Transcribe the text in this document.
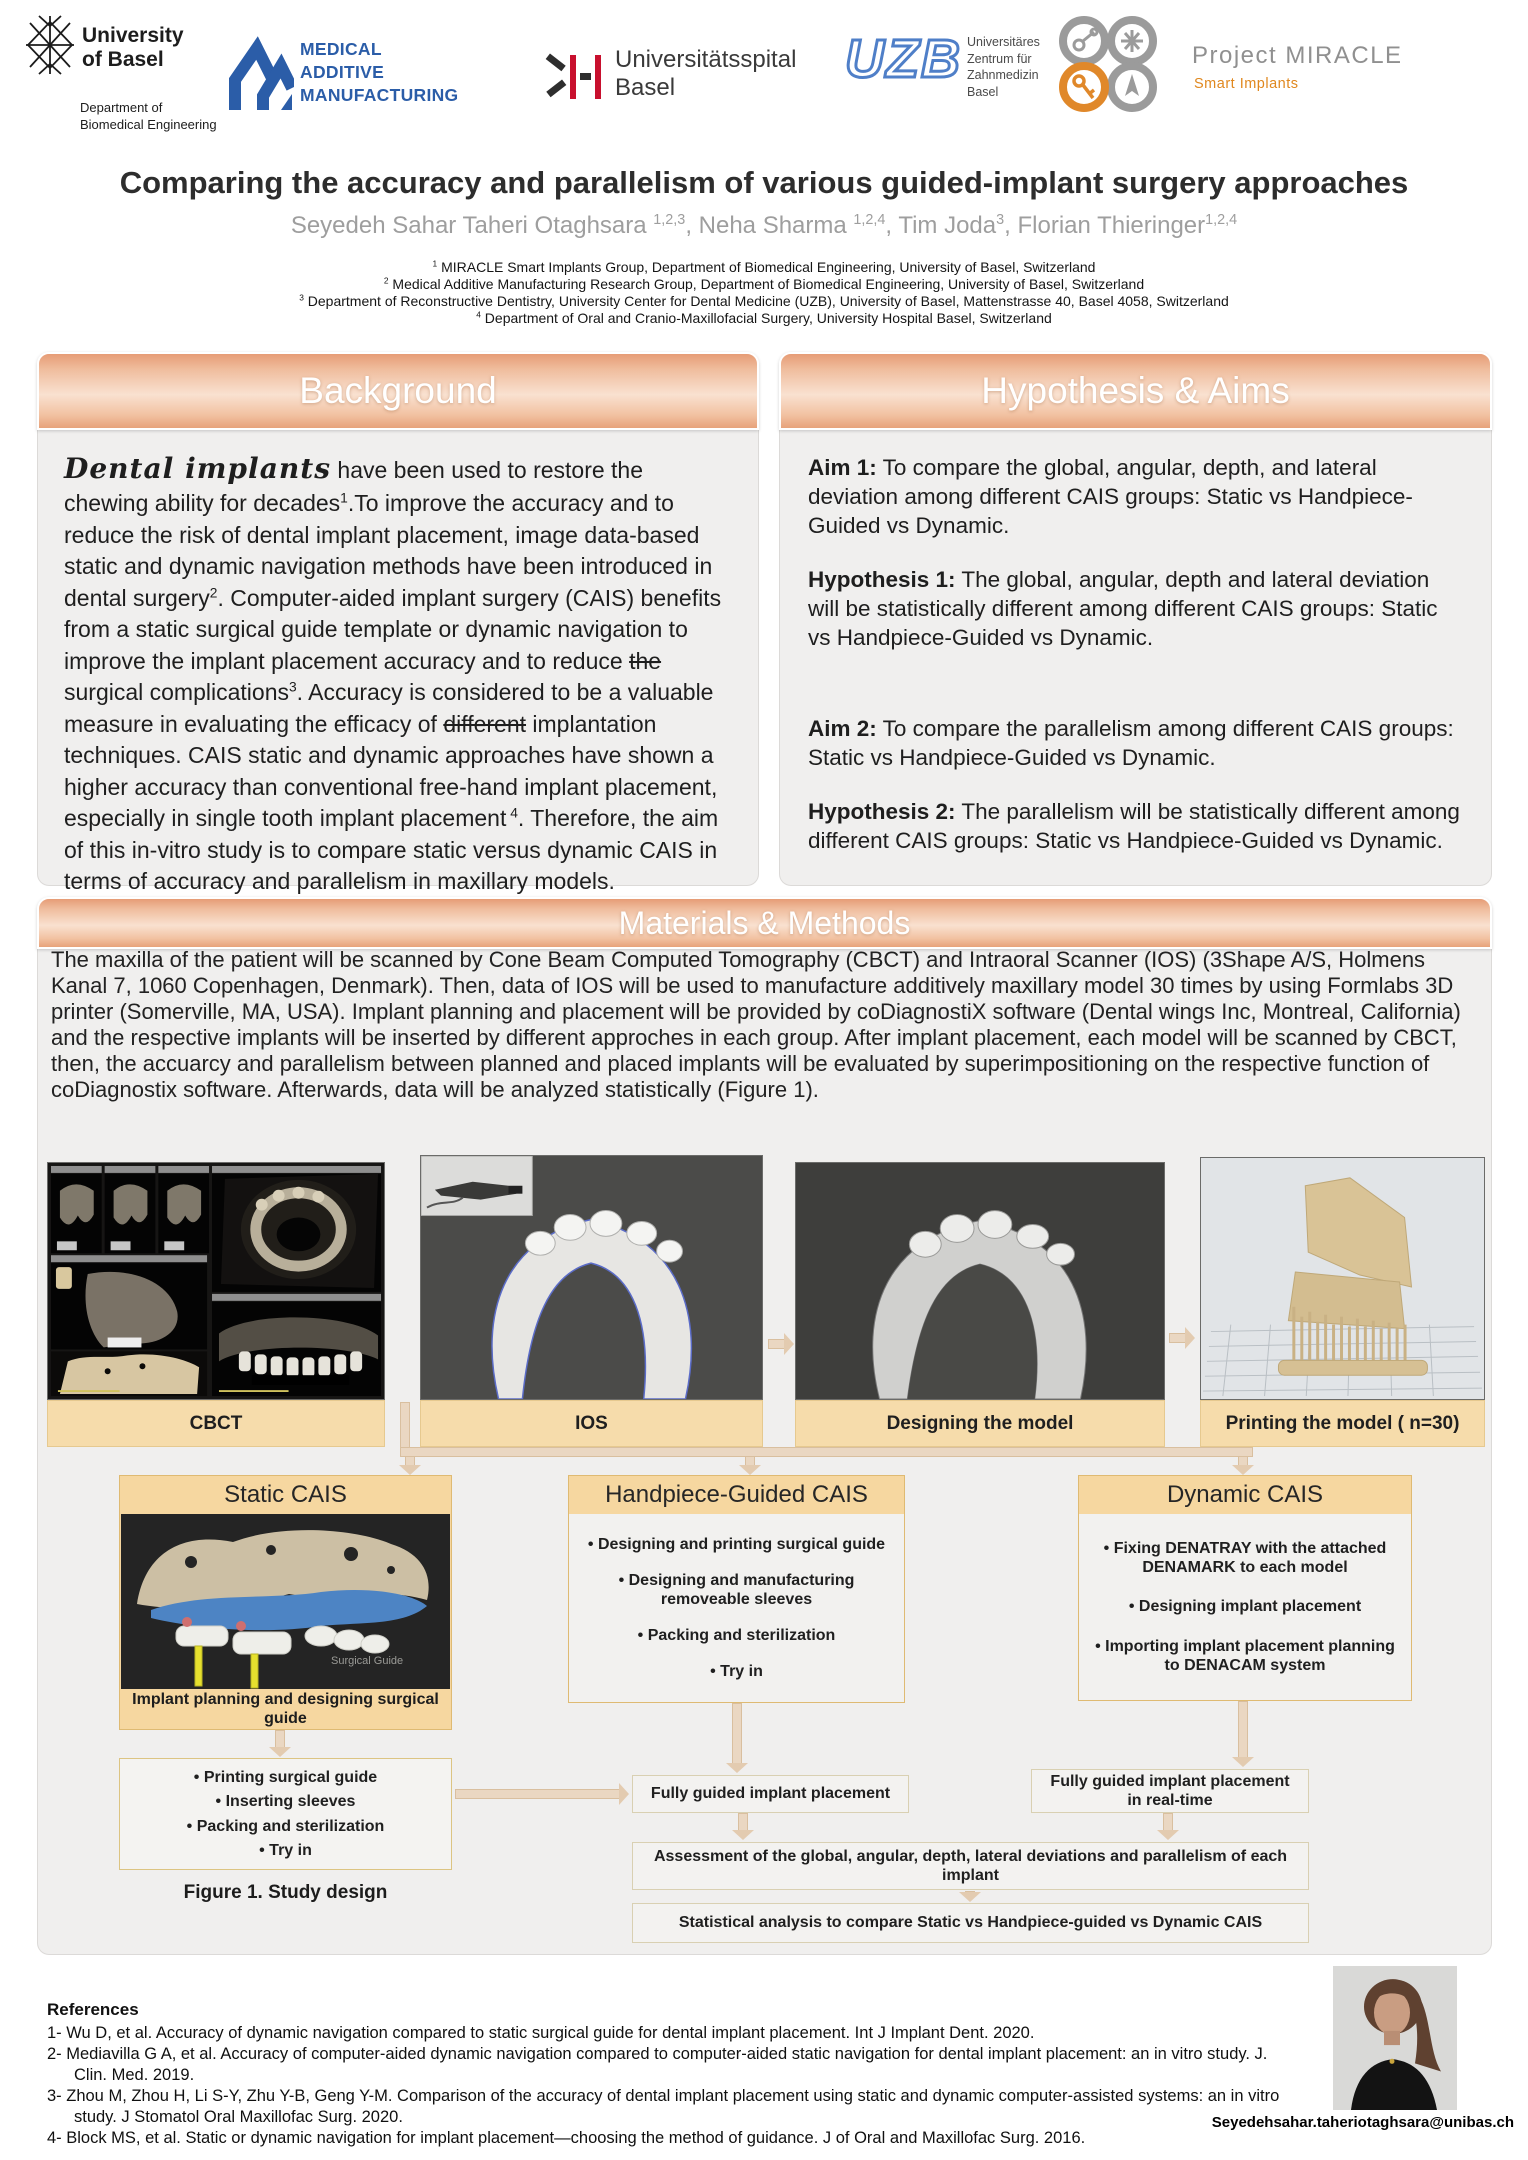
University
of Basel
Department of
Biomedical Engineering
MEDICAL
ADDITIVE
MANUFACTURING
Universitätsspital
Basel	UZB Universitäres
Zentrum für
Zahnmedizin
Basel
Project MIRACLE
Smart Implants
Comparing the accuracy and parallelism of various guided-implant surgery approaches
Seyedeh Sahar Taheri Otaghsara $^{1,2,3}$, Neha Sharma $^{1,2,4}$, Tim Joda$^3$, Florian Thieringer$^{1,2,4}$
$^1$ MIRACLE Smart Implants Group, Department of Biomedical Engineering, University of Basel, Switzerland
$^2$ Medical Additive Manufacturing Research Group, Department of Biomedical Engineering, University of Basel, Switzerland
$^3$ Department of Reconstructive Dentistry, University Center for Dental Medicine (UZB), University of Basel, Mattenstrasse 40, Basel 4058, Switzerland
$^4$ Department of Oral and Cranio-Maxillofacial Surgery, University Hospital Basel, Switzerland
Dental implants have been used to restore the chewing ability for decades$^1$.To improve the accuracy and to reduce the risk of dental implant placement, image data-based static and dynamic navigation methods have been introduced in dental surgery$^2$. Computer-aided implant surgery (CAIS) benefits from a static surgical guide template or dynamic navigation to improve the implant placement accuracy and to reduce the surgical complications$^3$. Accuracy is considered to be a valuable measure in evaluating the efficacy of different implantation techniques. CAIS static and dynamic approaches have shown a higher accuracy than conventional free-hand implant placement, especially in single tooth implant placement $^4$. Therefore, the aim of this in-vitro study is to compare static versus dynamic CAIS in terms of accuracy and parallelism in maxillary models.
Background
Aim 1: To compare the global, angular, depth, and lateral deviation among different CAIS groups: Static vs Handpiece-Guided vs Dynamic.
Hypothesis 1: The global, angular, depth and lateral deviation will be statistically different among different CAIS groups: Static vs Handpiece-Guided vs Dynamic.
Aim 2: To compare the parallelism among different CAIS groups: Static vs Handpiece-Guided vs Dynamic.
Hypothesis 2: The parallelism will be statistically different among different CAIS groups: Static vs Handpiece-Guided vs Dynamic.
Hypothesis & Aims
Materials & Methods
The maxilla of the patient will be scanned by Cone Beam Computed Tomography (CBCT) and Intraoral Scanner (IOS) (3Shape A/S, Holmens Kanal 7, 1060 Copenhagen, Denmark). Then, data of IOS will be used to manufacture additively maxillary model 30 times by using Formlabs 3D printer (Somerville, MA, USA). Implant planning and placement will be provided by coDiagnostiX software (Dental wings Inc, Montreal, California) and the respective implants will be inserted by different approches in each group. After implant placement, each model will be scanned by CBCT, then, the accuarcy and parallelism between planned and placed implants will be evaluated by superimpositioning on the respective function of coDiagnostix software. Afterwards, data will be analyzed statistically (Figure 1).
CBCT	IOS	Designing the model	Printing the model ( n=30)
Static CAIS
Surgical Guide
Implant planning and designing surgical guide
• Printing surgical guide
• Inserting sleeves
• Packing and sterilization
• Try in
Figure 1. Study design
Handpiece-Guided CAIS
• Designing and printing surgical guide
• Designing and manufacturing removeable sleeves
• Packing and sterilization
• Try in
Dynamic CAIS
• Fixing DENATRAY with the attached DENAMARK to each model
• Designing implant placement
• Importing implant placement planning to DENACAM system
Fully guided implant placement
Fully guided implant placement in real-time
Assessment of the global, angular, depth, lateral deviations and parallelism of each implant
Statistical analysis to compare Static vs Handpiece-guided vs Dynamic CAIS
References
1- Wu D, et al. Accuracy of dynamic navigation compared to static surgical guide for dental implant placement. Int J Implant Dent. 2020.
2- Mediavilla G A, et al. Accuracy of computer-aided dynamic navigation compared to computer-aided static navigation for dental implant placement: an in vitro study. J. Clin. Med. 2019.
3- Zhou M, Zhou H, Li S-Y, Zhu Y-B, Geng Y-M. Comparison of the accuracy of dental implant placement using static and dynamic computer-assisted systems: an in vitro study. J Stomatol Oral Maxillofac Surg. 2020.
4- Block MS, et al. Static or dynamic navigation for implant placement—choosing the method of guidance. J of Oral and Maxillofac Surg. 2016.
Seyedehsahar.taheriotaghsara@unibas.ch
